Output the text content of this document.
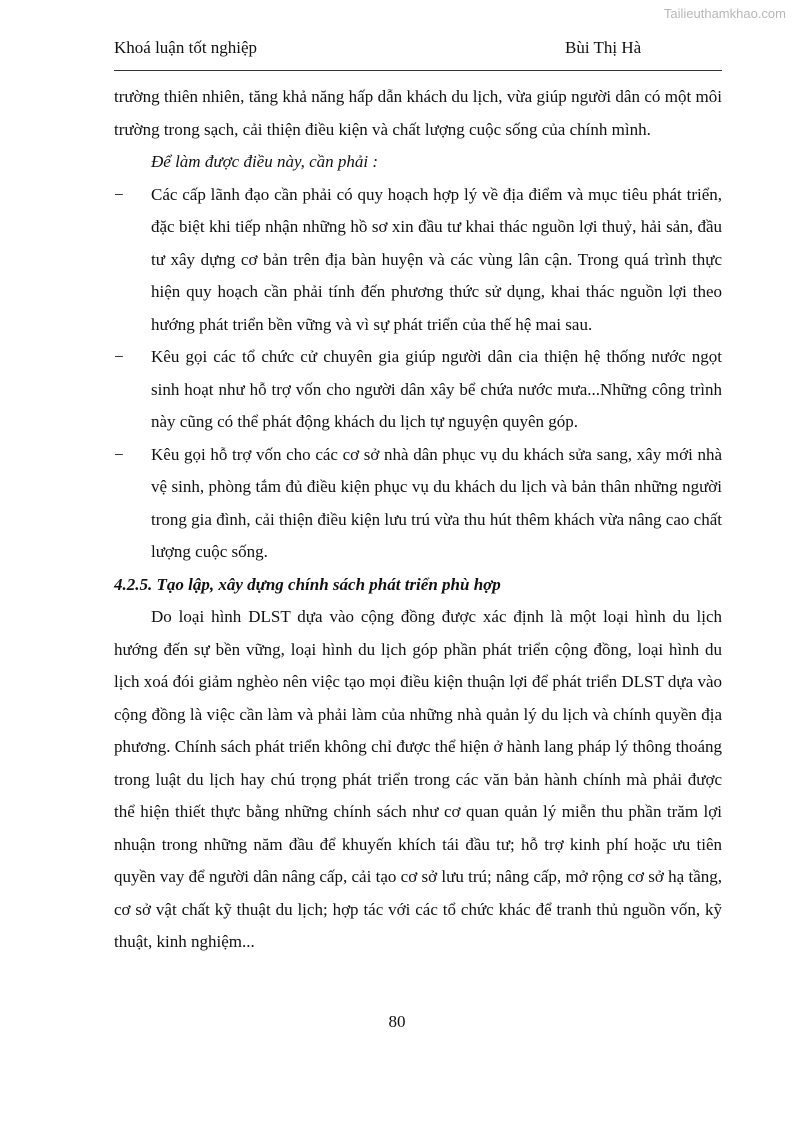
Tailieuthamkhao.com
Khoá luận tốt nghiệp	Bùi Thị Hà

trường thiên nhiên, tăng khả năng hấp dẫn khách du lịch, vừa giúp người dân có một môi trường trong sạch, cải thiện điều kiện và chất lượng cuộc sống của chính mình.

Để làm được điều này, cần phải :

− Các cấp lãnh đạo cần phải có quy hoạch hợp lý về địa điểm và mục tiêu phát triển, đặc biệt khi tiếp nhận những hồ sơ xin đầu tư khai thác nguồn lợi thuỷ, hải sản, đầu tư xây dựng cơ bản trên địa bàn huyện và các vùng lân cận. Trong quá trình thực hiện quy hoạch cần phải tính đến phương thức sử dụng, khai thác nguồn lợi theo hướng phát triển bền vững và vì sự phát triển của thế hệ mai sau.

− Kêu gọi các tổ chức cử chuyên gia giúp người dân cia thiện hệ thống nước ngọt sinh hoạt như hỗ trợ vốn cho người dân xây bể chứa nước mưa...Những công trình này cũng có thể phát động khách du lịch tự nguyện quyên góp.

− Kêu gọi hỗ trợ vốn cho các cơ sở nhà dân phục vụ du khách sửa sang, xây mới nhà vệ sinh, phòng tắm đủ điều kiện phục vụ du khách du lịch và bản thân những người trong gia đình, cải thiện điều kiện lưu trú vừa thu hút thêm khách vừa nâng cao chất lượng cuộc sống.

4.2.5. Tạo lập, xây dựng chính sách phát triển phù hợp

Do loại hình DLST dựa vào cộng đồng được xác định là một loại hình du lịch hướng đến sự bền vững, loại hình du lịch góp phần phát triển cộng đồng, loại hình du lịch xoá đói giảm nghèo nên việc tạo mọi điều kiện thuận lợi để phát triển DLST dựa vào cộng đồng là việc cần làm và phải làm của những nhà quản lý du lịch và chính quyền địa phương. Chính sách phát triển không chỉ được thể hiện ở hành lang pháp lý thông thoáng trong luật du lịch hay chú trọng phát triển trong các văn bản hành chính mà phải được thể hiện thiết thực bằng những chính sách như cơ quan quản lý miễn thu phần trăm lợi nhuận trong những năm đầu để khuyến khích tái đầu tư; hỗ trợ kinh phí hoặc ưu tiên quyền vay để người dân nâng cấp, cải tạo cơ sở lưu trú; nâng cấp, mở rộng cơ sở hạ tầng, cơ sở vật chất kỹ thuật du lịch; hợp tác với các tổ chức khác để tranh thủ nguồn vốn, kỹ thuật, kinh nghiệm...

80
